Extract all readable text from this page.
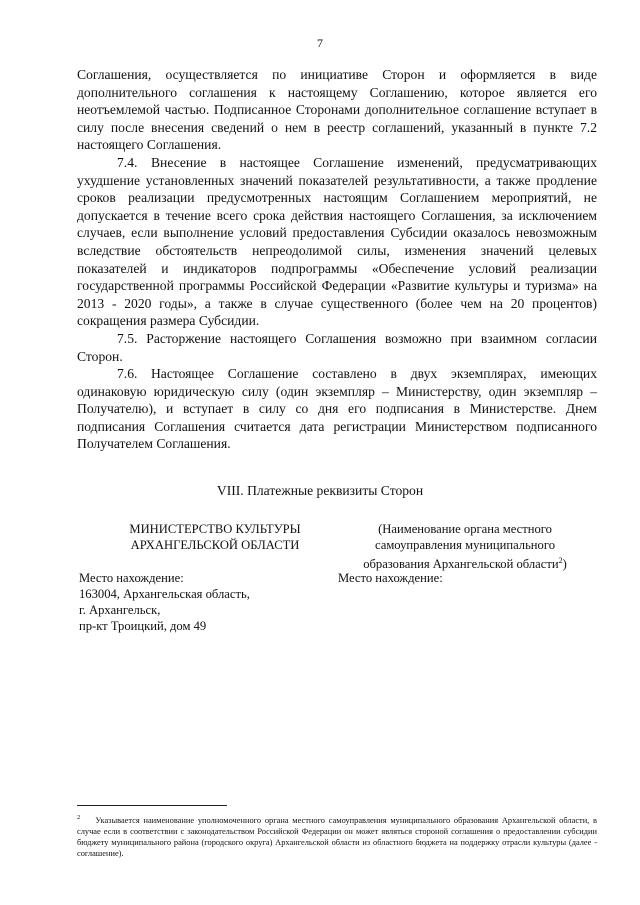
7

Соглашения, осуществляется по инициативе Сторон и оформляется в виде дополнительного соглашения к настоящему Соглашению, которое является его неотъемлемой частью. Подписанное Сторонами дополнительное соглашение вступает в силу после внесения сведений о нем в реестр соглашений, указанный в пункте 7.2 настоящего Соглашения.

7.4. Внесение в настоящее Соглашение изменений, предусматривающих ухудшение установленных значений показателей результативности, а также продление сроков реализации предусмотренных настоящим Соглашением мероприятий, не допускается в течение всего срока действия настоящего Соглашения, за исключением случаев, если выполнение условий предоставления Субсидии оказалось невозможным вследствие обстоятельств непреодолимой силы, изменения значений целевых показателей и индикаторов подпрограммы «Обеспечение условий реализации государственной программы Российской Федерации «Развитие культуры и туризма» на 2013 - 2020 годы», а также в случае существенного (более чем на 20 процентов) сокращения размера Субсидии.

7.5. Расторжение настоящего Соглашения возможно при взаимном согласии Сторон.

7.6. Настоящее Соглашение составлено в двух экземплярах, имеющих одинаковую юридическую силу (один экземпляр – Министерству, один экземпляр – Получателю), и вступает в силу со дня его подписания в Министерстве. Днем подписания Соглашения считается дата регистрации Министерством подписанного Получателем Соглашения.

VIII. Платежные реквизиты Сторон
МИНИСТЕРСТВО КУЛЬТУРЫ
АРХАНГЕЛЬСКОЙ ОБЛАСТИ
(Наименование органа местного
самоуправления муниципального
образования Архангельской области$^2$)
Место нахождение:
163004, Архангельская область,
г. Архангельск,
пр-кт Троицкий, дом 49
Место нахождение:
$^2$ Указывается наименование уполномоченного органа местного самоуправления муниципального образования Архангельской области, в случае если в соответствии с законодательством Российской Федерации он может являться стороной соглашения о предоставлении субсидии бюджету муниципального района (городского округа) Архангельской области из областного бюджета на поддержку отрасли культуры (далее - соглашение).
